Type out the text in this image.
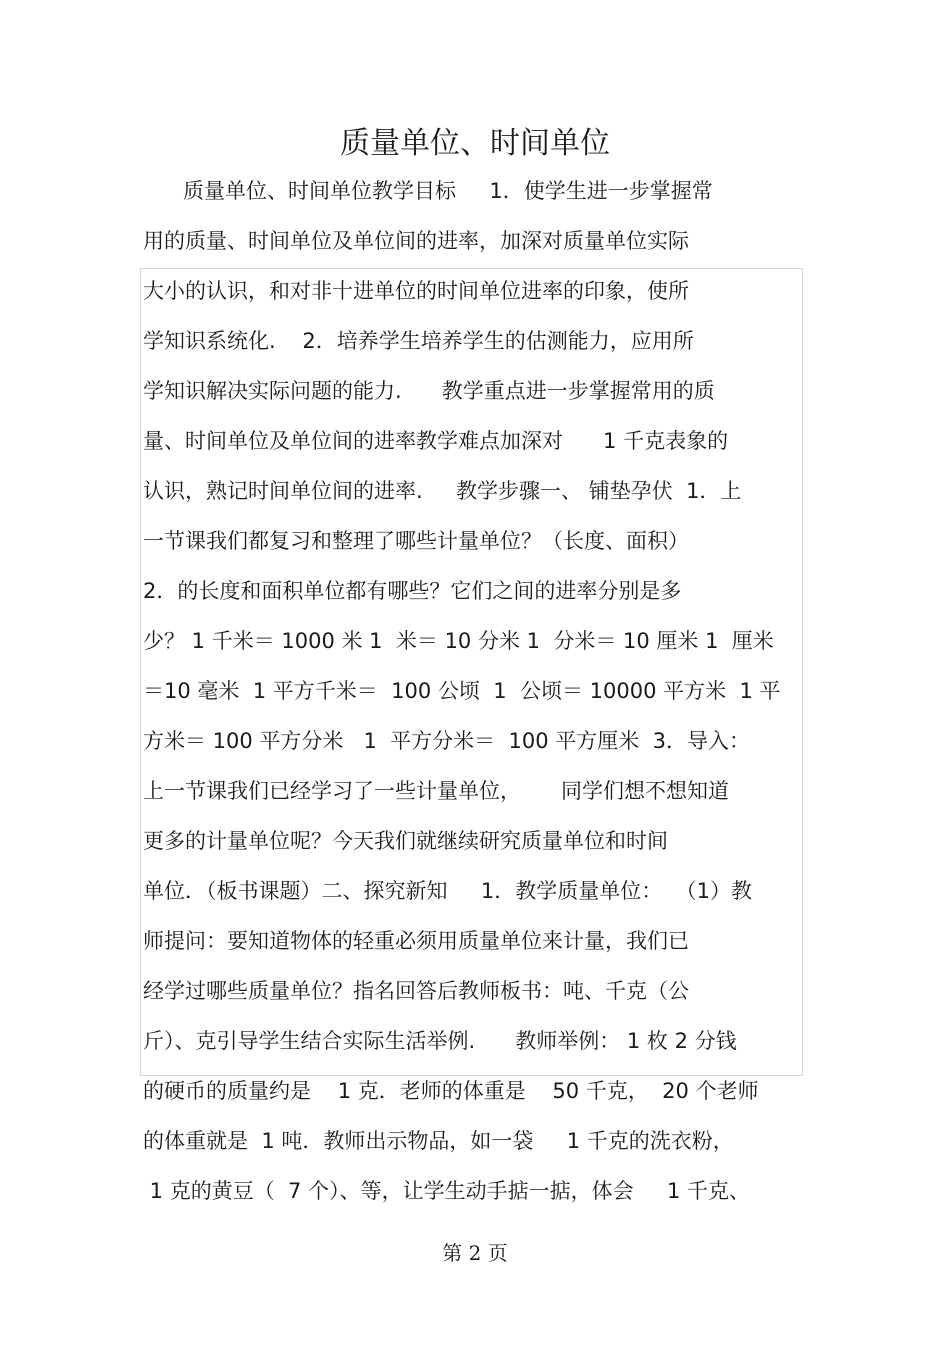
质量单位、时间单位
质量单位、时间单位教学目标     1．使学生进一步掌握常
用的质量、时间单位及单位间的进率，加深对质量单位实际
大小的认识，和对非十进单位的时间单位进率的印象，使所
学知识系统化.    2．培养学生培养学生的估测能力，应用所
学知识解决实际问题的能力.      教学重点进一步掌握常用的质
量、时间单位及单位间的进率教学难点加深对      1 千克表象的
认识，熟记时间单位间的进率.     教学步骤一、 铺垫孕伏  1．上
一节课我们都复习和整理了哪些计量单位？（长度、面积）
2．的长度和面积单位都有哪些？它们之间的进率分别是多
少？ 1 千米＝ 1000 米 1  米＝ 10 分米 1  分米＝ 10 厘米 1  厘米
＝10 毫米  1 平方千米＝  100 公顷  1  公顷＝ 10000 平方米  1 平
方米＝ 100 平方分米   1  平方分米＝  100 平方厘米  3．导入：
上一节课我们已经学习了一些计量单位，      同学们想不想知道
更多的计量单位呢？今天我们就继续研究质量单位和时间
单位．（板书课题）二、探究新知     1．教学质量单位：  （1）教
师提问：要知道物体的轻重必须用质量单位来计量，我们已
经学过哪些质量单位？指名回答后教师板书：吨、千克（公
斤）、克引导学生结合实际生活举例.      教师举例： 1 枚 2 分钱
的硬币的质量约是    1 克．老师的体重是    50 千克，  20 个老师
的体重就是  1 吨．教师出示物品，如一袋     1 千克的洗衣粉，
1 克的黄豆（  7 个）、等，让学生动手掂一掂，体会     1 千克、
第 2 页
